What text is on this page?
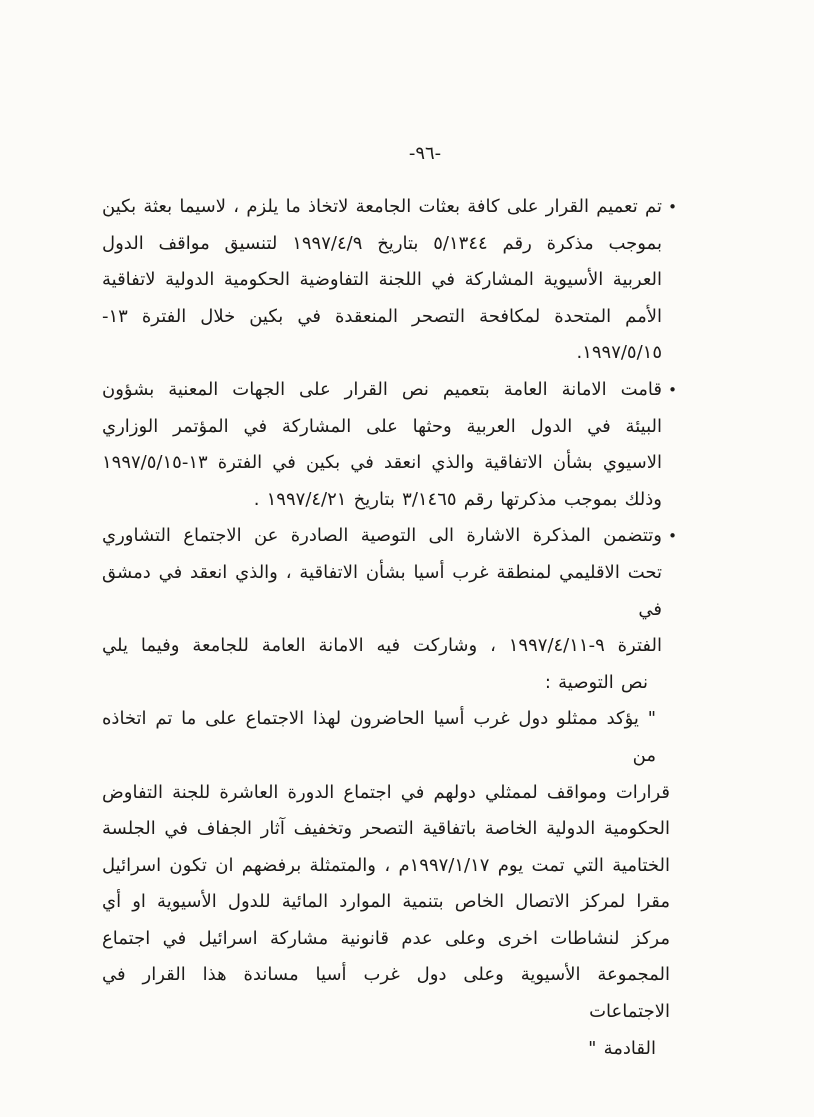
-٩٦-
•
تم تعميم القرار على كافة بعثات الجامعة لاتخاذ ما يلزم ، لاسيما بعثة بكين
بموجب مذكرة رقم ٥/١٣٤٤ بتاريخ ١٩٩٧/٤/٩ لتنسيق مواقف الدول
العربية الأسيوية المشاركة في اللجنة التفاوضية الحكومية الدولية لاتفاقية
الأمم المتحدة لمكافحة التصحر المنعقدة في بكين خلال الفترة ١٣-
١٩٩٧/٥/١٥.
•
قامت الامانة العامة بتعميم نص القرار على الجهات المعنية بشؤون
البيئة في الدول العربية وحثها على المشاركة في المؤتمر الوزاري
الاسيوي بشأن الاتفاقية والذي انعقد في بكين في الفترة ١٣-١٩٩٧/٥/١٥
وذلك بموجب مذكرتها رقم ٣/١٤٦٥ بتاريخ ١٩٩٧/٤/٢١ .
•
وتتضمن المذكرة الاشارة الى التوصية الصادرة عن الاجتماع التشاوري
تحت الاقليمي لمنطقة غرب أسيا بشأن الاتفاقية ، والذي انعقد في دمشق في
الفترة ٩-١٩٩٧/٤/١١ ، وشاركت فيه الامانة العامة للجامعة وفيما يلي
نص التوصية :
" يؤكد ممثلو دول غرب أسيا الحاضرون لهذا الاجتماع على ما تم اتخاذه من
قرارات ومواقف لممثلي دولهم في اجتماع الدورة العاشرة للجنة التفاوض
الحكومية الدولية الخاصة باتفاقية التصحر وتخفيف آثار الجفاف في الجلسة
الختامية التي تمت يوم ١٩٩٧/١/١٧م ، والمتمثلة برفضهم ان تكون اسرائيل
مقرا لمركز الاتصال الخاص بتنمية الموارد المائية للدول الأسيوية او أي
مركز لنشاطات اخرى وعلى عدم قانونية مشاركة اسرائيل في اجتماع
المجموعة الأسيوية وعلى دول غرب أسيا مساندة هذا القرار في الاجتماعات
القادمة "
